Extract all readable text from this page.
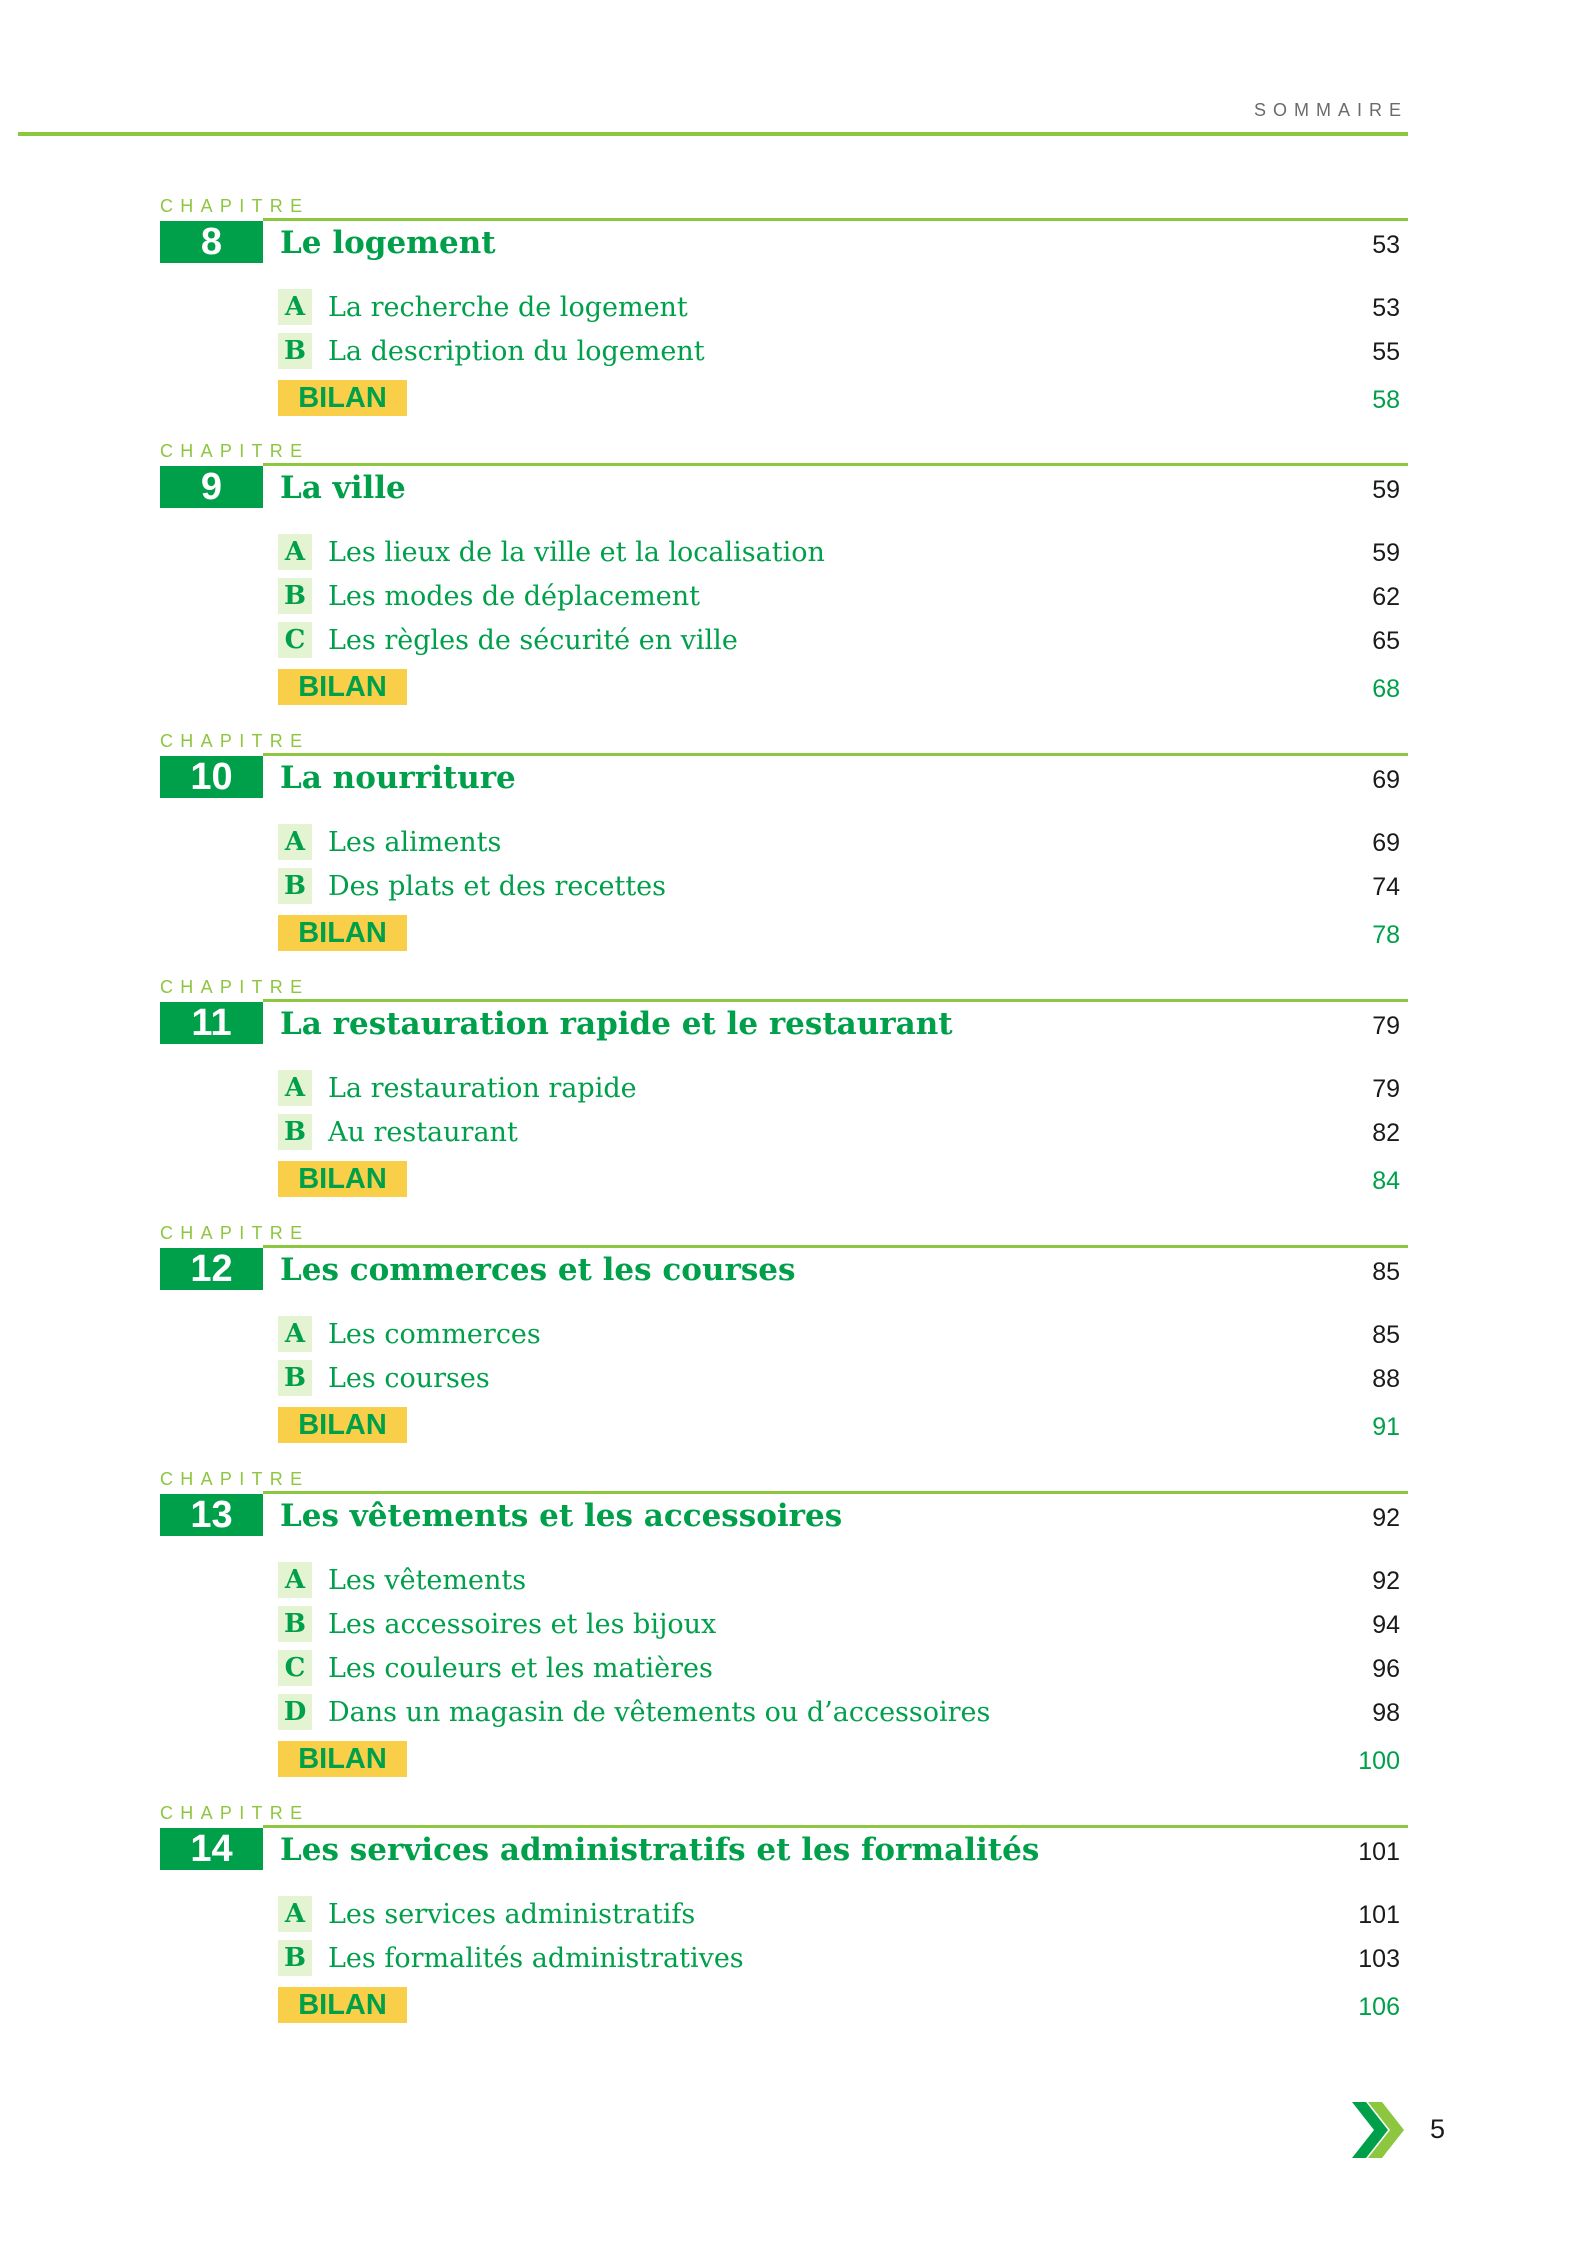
SOMMAIRE
CHAPITRE
8	Le logement	53
A La recherche de logement	53
B La description du logement	55
BILAN	58
CHAPITRE
9	La ville	59
A Les lieux de la ville et la localisation	59
B Les modes de déplacement	62
C Les règles de sécurité en ville	65
BILAN	68
CHAPITRE
10	La nourriture	69
A Les aliments	69
B Des plats et des recettes	74
BILAN	78
CHAPITRE
11	La restauration rapide et le restaurant	79
A La restauration rapide	79
B Au restaurant	82
BILAN	84
CHAPITRE
12	Les commerces et les courses	85
A Les commerces	85
B Les courses	88
BILAN	91
CHAPITRE
13	Les vêtements et les accessoires	92
A Les vêtements	92
B Les accessoires et les bijoux	94
C Les couleurs et les matières	96
D Dans un magasin de vêtements ou d’accessoires	98
BILAN	100
CHAPITRE
14	Les services administratifs et les formalités	101
A Les services administratifs	101
B Les formalités administratives	103
BILAN	106
5
